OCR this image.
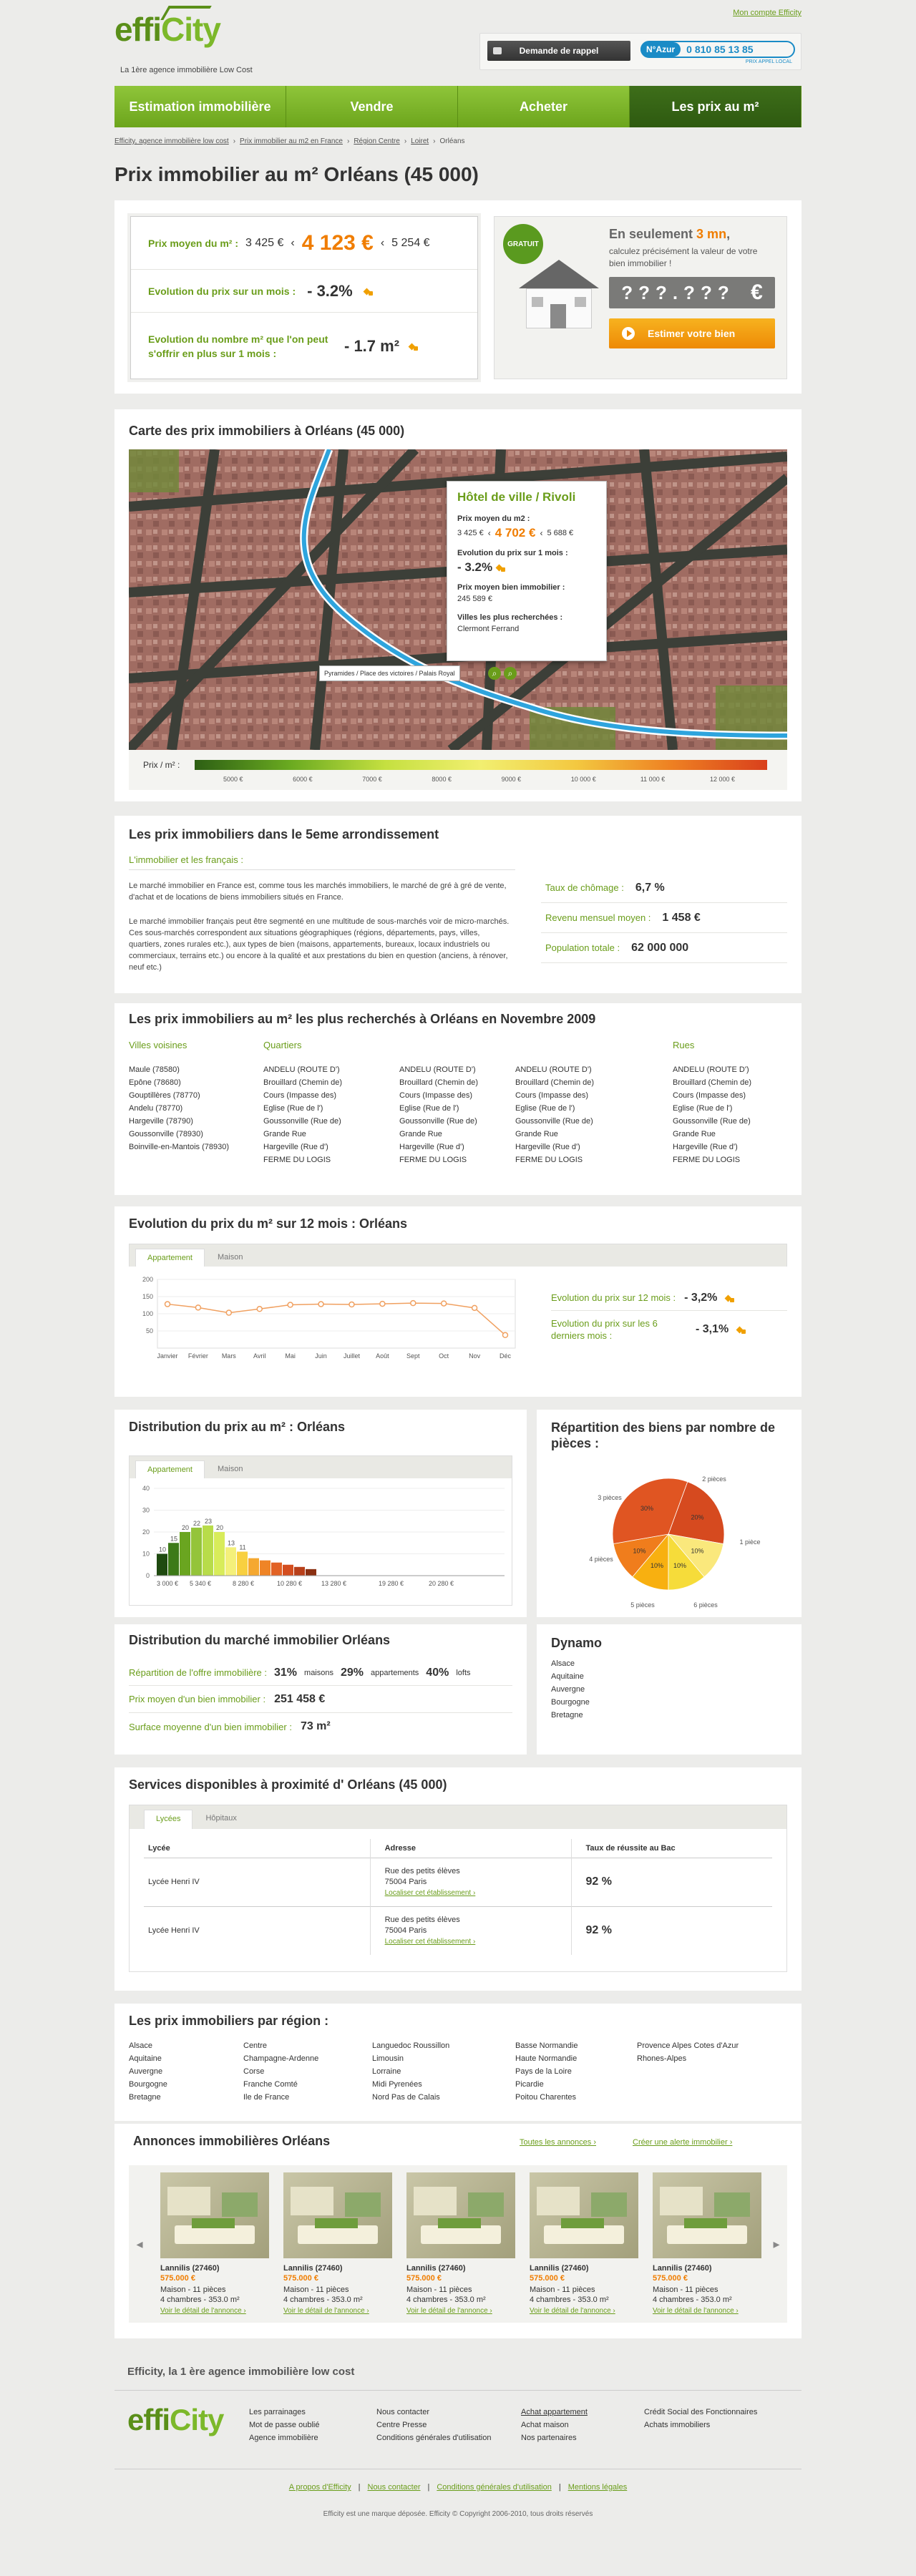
effiCity
La 1ère agence immobilière Low Cost
Mon compte Efficity
Demande de rappel	N°Azur	0 810 85 13 85
PRIX APPEL LOCAL
Estimation immobilière	Vendre	Acheter	Les prix au m²
Efficity, agence immobilière low cost › Prix immobilier au m2 en France › Région Centre › Loiret › Orléans
Prix immobilier au m² Orléans (45 000)
Prix moyen du m² : 3 425 € ‹ 4 123 € ‹ 5 254 €
Evolution du prix sur un mois : - 3.2%
Evolution du nombre m² que l'on peut s'offrir en plus sur 1 mois :	- 1.7 m²
GRATUIT
En seulement 3 mn,
calculez précisément la valeur de votre bien immobilier !
???.??? €
Estimer votre bien
Carte des prix immobiliers à Orléans (45 000)
Hôtel de ville / Rivoli
Prix moyen du m2 :
3 425 € ‹ 4 702 € ‹ 5 688 €
Evolution du prix sur 1 mois :
- 3.2%
Prix moyen bien immobilier :
245 589 €
Villes les plus recherchées :
Clermont Ferrand
Pyramides / Place des victoires / Palais Royal	⌕	⌕
Prix / m² :
5000 €	6000 €	7000 €	8000 €	9000 €	10 000 €	11 000 €	12 000 €
Les prix immobiliers dans le 5eme arrondissement
L'immobilier et les français :
Le marché immobilier en France est, comme tous les marchés immobiliers, le marché de gré à gré de vente, d'achat et de locations de biens immobiliers situés en France.
Le marché immobilier français peut être segmenté en une multitude de sous-marchés voir de micro-marchés. Ces sous-marchés correspondent aux situations géographiques (régions, départements, pays, villes, quartiers, zones rurales etc.), aux types de bien (maisons, appartements, bureaux, locaux industriels ou commerciaux, terrains etc.) ou encore à la qualité et aux prestations du bien en question (anciens, à rénover, neuf etc.)
Taux de chômage : 6,7 %
Revenu mensuel moyen : 1 458 €
Population totale : 62 000 000
Les prix immobiliers au m² les plus recherchés à Orléans en Novembre 2009
Villes voisines
Maule (78580)
Epône (78680)
Gouptillères (78770)
Andelu (78770)
Hargeville (78790)
Goussonville (78930)
Boinville-en-Mantois (78930)
Quartiers
ANDELU (ROUTE D')
Brouillard (Chemin de)
Cours (Impasse des)
Eglise (Rue de l')
Goussonville (Rue de)
Grande Rue
Hargeville (Rue d')
FERME DU LOGIS
ANDELU (ROUTE D')
Brouillard (Chemin de)
Cours (Impasse des)
Eglise (Rue de l')
Goussonville (Rue de)
Grande Rue
Hargeville (Rue d')
FERME DU LOGIS
ANDELU (ROUTE D')
Brouillard (Chemin de)
Cours (Impasse des)
Eglise (Rue de l')
Goussonville (Rue de)
Grande Rue
Hargeville (Rue d')
FERME DU LOGIS
Rues
ANDELU (ROUTE D')
Brouillard (Chemin de)
Cours (Impasse des)
Eglise (Rue de l')
Goussonville (Rue de)
Grande Rue
Hargeville (Rue d')
FERME DU LOGIS
Evolution du prix du m² sur 12 mois : Orléans
Appartement	Maison
200
150
100
50
Janvier Février Mars	Avril	Mai	Juin	Juillet Août	Sept	Oct	Nov	Déc
Evolution du prix sur 12 mois : - 3,2%
Evolution du prix sur les 6 derniers mois :
- 3,1%
Distribution du prix au m² : Orléans
Appartement	Maison
40
30
20
10
0
10
15
20
22 23
20
13
11
3 000 € 5 340 €	8 280 €	10 280 €	13 280 €	19 280 €	20 280 €
Répartition des biens par nombre de pièces :
20%
2 pièces
10%
1 pièce
10%
6 pièces
10%
5 pièces
10%
4 pièces
30%
3 pièces
Distribution du marché immobilier Orléans
Répartition de l'offre immobilière : 31% maisons 29% appartements 40% lofts
Prix moyen d'un bien immobilier : 251 458 €
Surface moyenne d'un bien immobilier : 73 m²
Dynamo
Alsace
Aquitaine
Auvergne
Bourgogne
Bretagne
Services disponibles à proximité d' Orléans (45 000)
Lycées	Hôpitaux
Lycée	Adresse	Taux de réussite au Bac
Lycée Henri IV	Rue des petits élèves
75004 Paris
Localiser cet établissement ›	92 %
Lycée Henri IV	Rue des petits élèves
75004 Paris
Localiser cet établissement ›	92 %
Les prix immobiliers par région :
Alsace
Aquitaine
Auvergne
Bourgogne
Bretagne
Centre
Champagne-Ardenne
Corse
Franche Comté
Ile de France
Languedoc Roussillon
Limousin
Lorraine
Midi Pyrenées
Nord Pas de Calais
Basse Normandie
Haute Normandie
Pays de la Loire
Picardie
Poitou Charentes
Provence Alpes Cotes d'Azur
Rhones-Alpes
Annonces immobilières Orléans	Toutes les annonces ›	Créer une alerte immobilier ›
◂	▸
Lannilis (27460)
575.000 €
Maison - 11 pièces
4 chambres - 353.0 m²
Voir le détail de l'annonce ›
Lannilis (27460)
575.000 €
Maison - 11 pièces
4 chambres - 353.0 m²
Voir le détail de l'annonce ›
Lannilis (27460)
575.000 €
Maison - 11 pièces
4 chambres - 353.0 m²
Voir le détail de l'annonce ›
Lannilis (27460)
575.000 €
Maison - 11 pièces
4 chambres - 353.0 m²
Voir le détail de l'annonce ›
Lannilis (27460)
575.000 €
Maison - 11 pièces
4 chambres - 353.0 m²
Voir le détail de l'annonce ›
Efficity, la 1 ère agence immobilière low cost
effiCity	Les parrainages
Mot de passe oublié
Agence immobilière
Nous contacter
Centre Presse
Conditions générales d'utilisation
Achat appartement
Achat maison
Nos partenaires
Crédit Social des Fonctionnaires
Achats immobiliers
A propos d'Efficity | Nous contacter | Conditions générales d'utilisation | Mentions légales
Efficity est une marque déposée. Efficity © Copyright 2006-2010, tous droits réservés
